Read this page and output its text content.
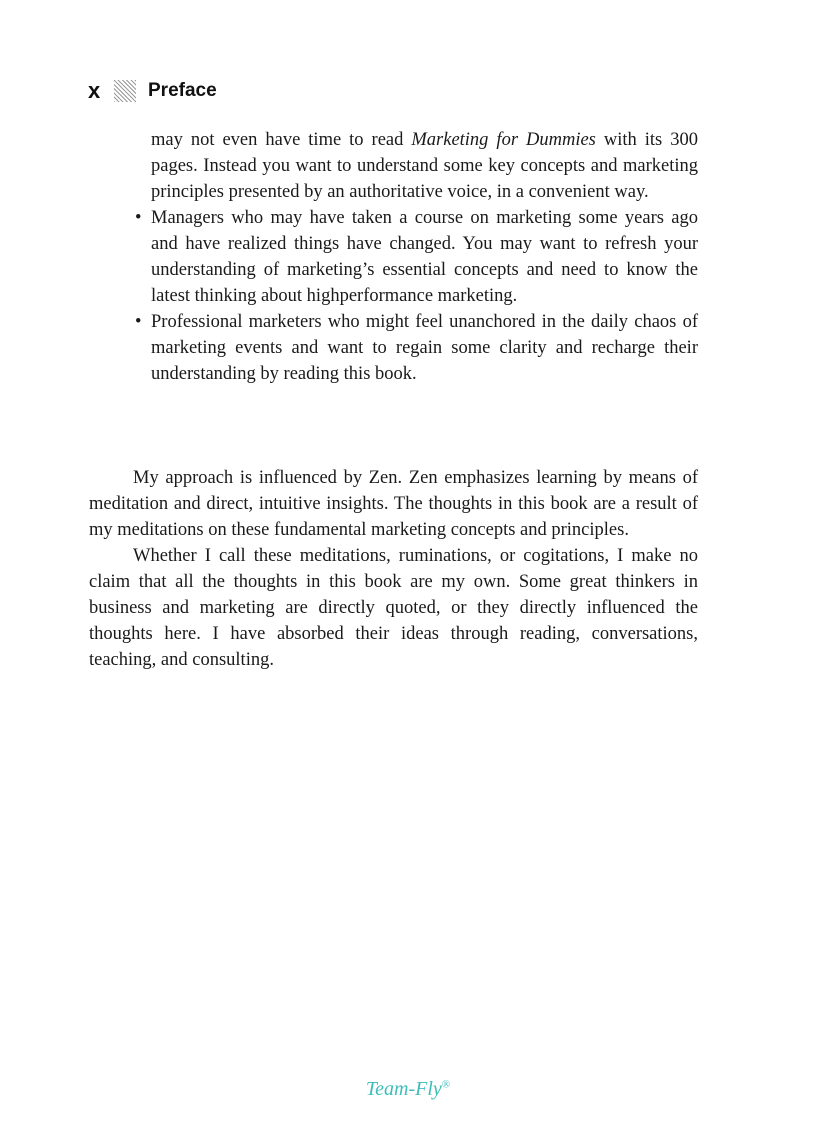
x	Preface

may not even have time to read Marketing for Dummies with its 300 pages. Instead you want to understand some key concepts and marketing principles presented by an authoritative voice, in a convenient way.

• Managers who may have taken a course on marketing some years ago and have realized things have changed. You may want to refresh your understanding of marketing’s essential concepts and need to know the latest thinking about highperformance marketing.

• Professional marketers who might feel unanchored in the daily chaos of marketing events and want to regain some clarity and recharge their understanding by reading this book.

My approach is influenced by Zen. Zen emphasizes learning by means of meditation and direct, intuitive insights. The thoughts in this book are a result of my meditations on these fundamental marketing concepts and principles.

Whether I call these meditations, ruminations, or cogitations, I make no claim that all the thoughts in this book are my own. Some great thinkers in business and marketing are directly quoted, or they directly influenced the thoughts here. I have absorbed their ideas through reading, conversations, teaching, and consulting.

Team-Fly®
